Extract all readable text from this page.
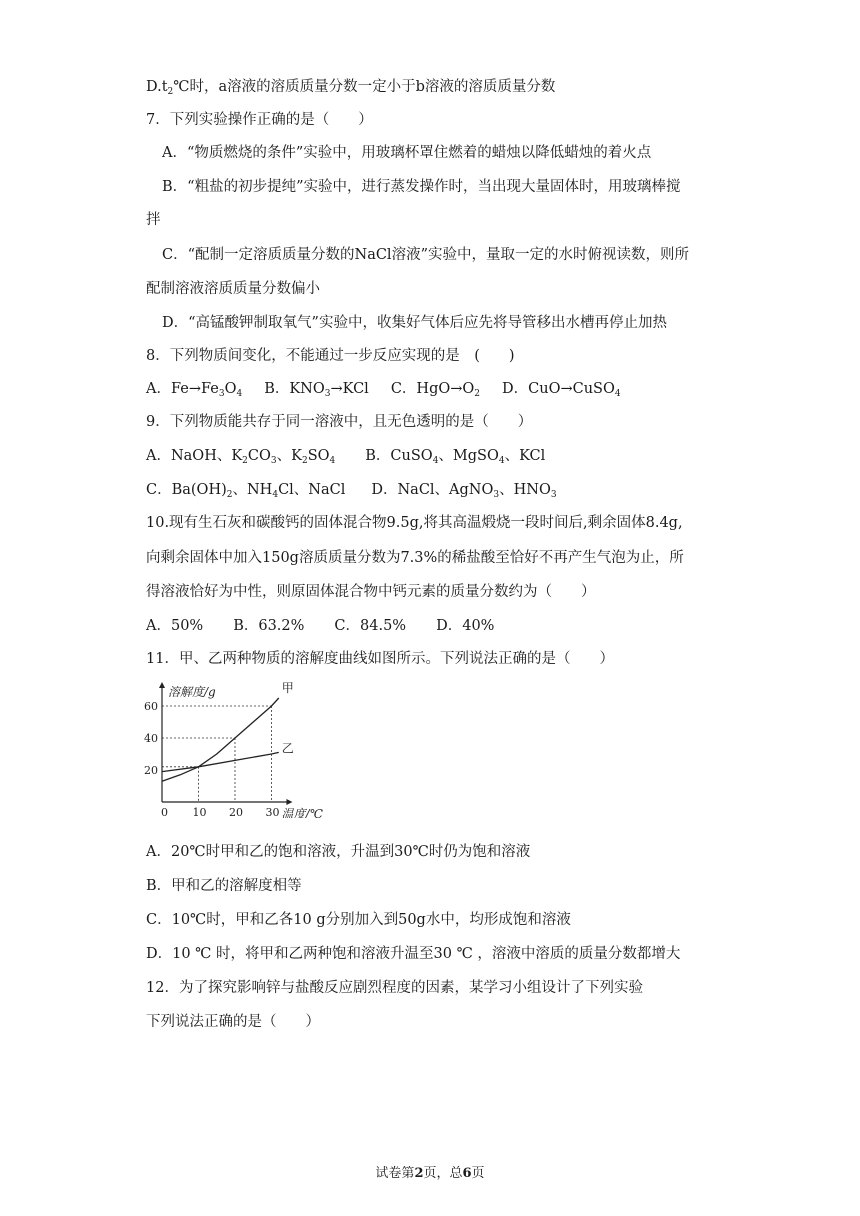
$D.t_2℃$时，a溶液的溶质质量分数一定小于b溶液的溶质质量分数
7．下列实验操作正确的是（　　）
A．“物质燃烧的条件”实验中，用玻璃杯罩住燃着的蜡烛以降低蜡烛的着火点
B．“粗盐的初步提纯”实验中，进行蒸发操作时，当出现大量固体时，用玻璃棒搅
拌
C．“配制一定溶质质量分数的NaCl溶液”实验中，量取一定的水时俯视读数，则所
配制溶液溶质质量分数偏小
D．“高锰酸钾制取氧气”实验中，收集好气体后应先将导管移出水槽再停止加热
8．下列物质间变化，不能通过一步反应实现的是　(　　)
A．$Fe\to Fe_3O_4$ B．$KNO_3\to KCl$ C．$HgO\to O_2$ D．CuO→CuSO$_4$
9．下列物质能共存于同一溶液中，且无色透明的是（　　）
A．NaOH、$K_2CO_3$、$K_2SO_4$ B．CuSO$_4$、MgSO$_4$、KCl
C．$Ba(OH)_2$、$NH_4Cl$、NaCl D．NaCl、AgNO$_3$、$HNO_3$
10.现有生石灰和碳酸钙的固体混合物9.5g,将其高温煅烧一段时间后,剩余固体8.4g,
向剩余固体中加入150g溶质质量分数为7.3%的稀盐酸至恰好不再产生气泡为止，所
得溶液恰好为中性，则原固体混合物中钙元素的质量分数约为（　　）
A．50% B．63.2% C．84.5% D．40%
11．甲、乙两种物质的溶解度曲线如图所示。下列说法正确的是（　　）
0 10 20 30
20
40
60
甲
乙
溶解度/g
温度/℃
A．20℃时甲和乙的饱和溶液，升温到30℃时仍为饱和溶液
B．甲和乙的溶解度相等
C．10℃时，甲和乙各10 g分别加入到50g水中，均形成饱和溶液
D．10 ℃ 时，将甲和乙两种饱和溶液升温至30 ℃ ，溶液中溶质的质量分数都增大
12．为了探究影响锌与盐酸反应剧烈程度的因素，某学习小组设计了下列实验
下列说法正确的是（　　）
试卷第2页，总6页
